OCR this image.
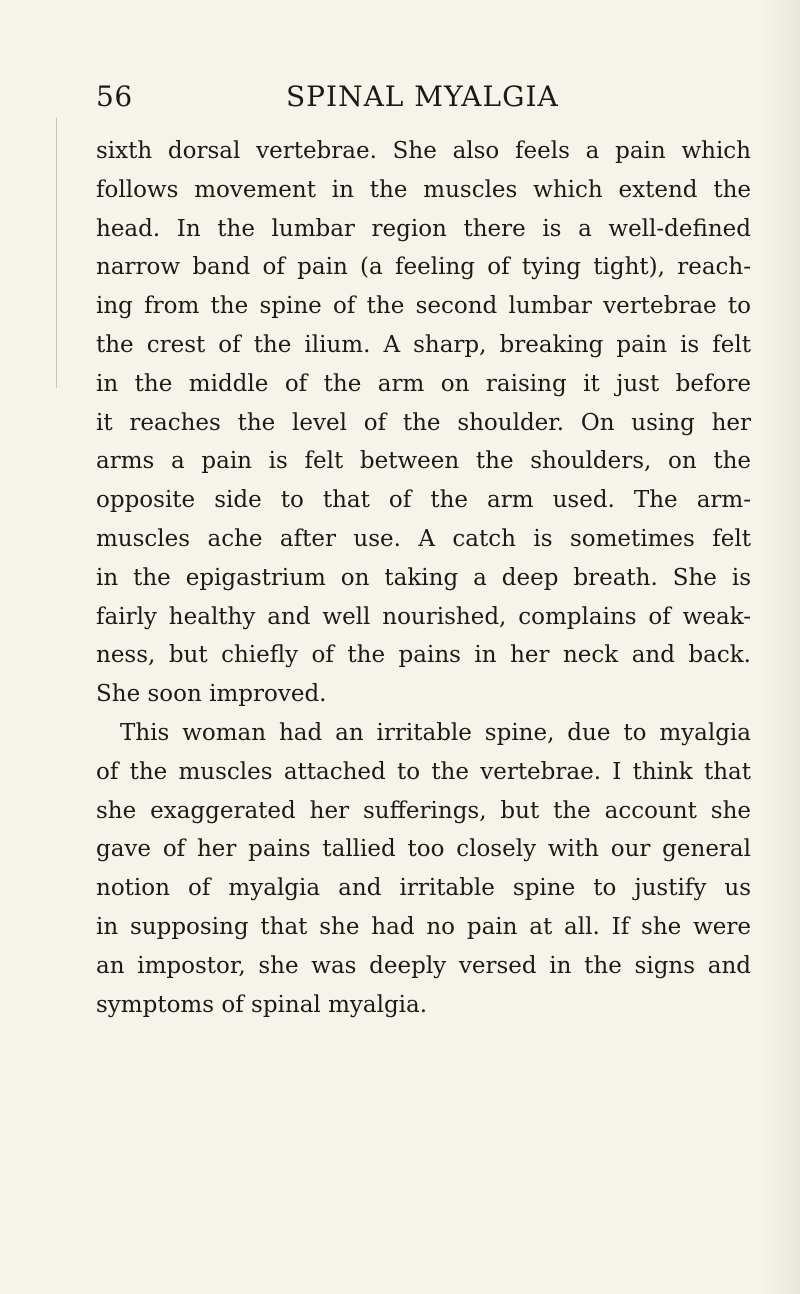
56	SPINAL MYALGIA
sixth dorsal vertebrae. She also feels a pain which
follows movement in the muscles which extend the
head. In the lumbar region there is a well-defined
narrow band of pain (a feeling of tying tight), reach-
ing from the spine of the second lumbar vertebrae to
the crest of the ilium. A sharp, breaking pain is felt
in the middle of the arm on raising it just before
it reaches the level of the shoulder. On using her
arms a pain is felt between the shoulders, on the
opposite side to that of the arm used. The arm-
muscles ache after use. A catch is sometimes felt
in the epigastrium on taking a deep breath. She is
fairly healthy and well nourished, complains of weak-
ness, but chiefly of the pains in her neck and back.
She soon improved.
This woman had an irritable spine, due to myalgia
of the muscles attached to the vertebrae. I think that
she exaggerated her sufferings, but the account she
gave of her pains tallied too closely with our general
notion of myalgia and irritable spine to justify us
in supposing that she had no pain at all. If she were
an impostor, she was deeply versed in the signs and
symptoms of spinal myalgia.
